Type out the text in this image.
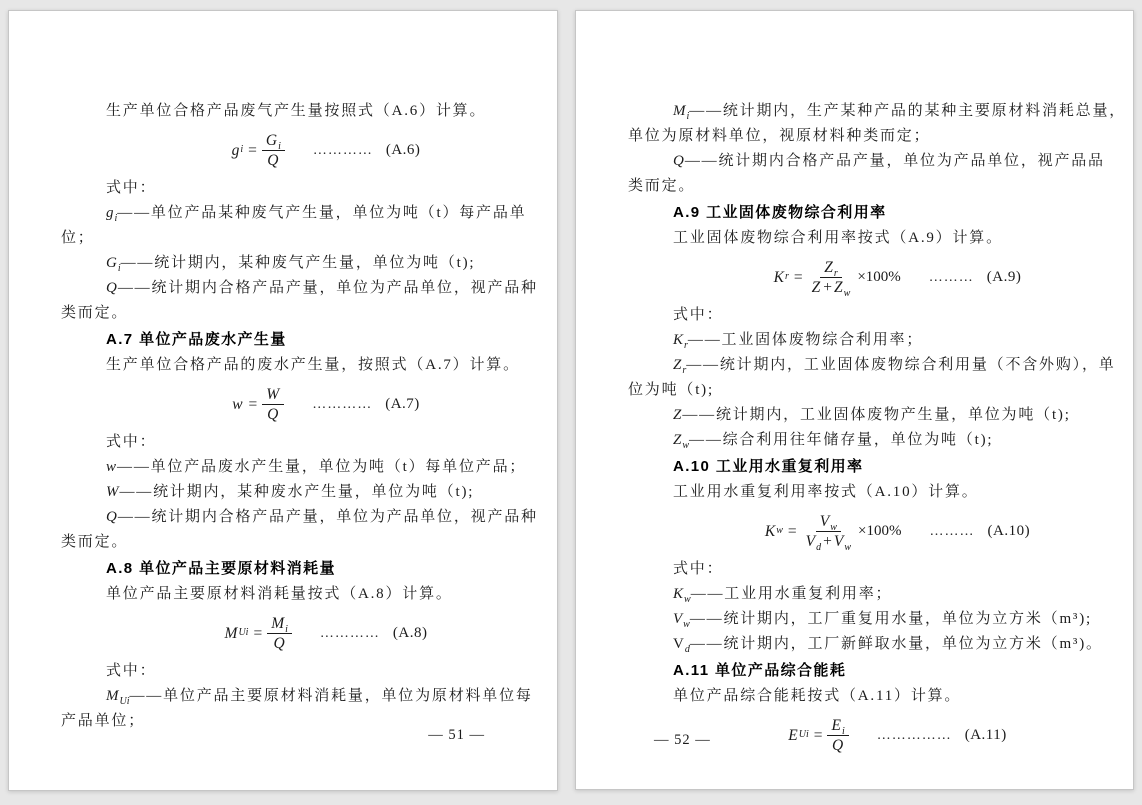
生产单位合格产品废气产生量按照式（A.6）计算。
g $i = \frac{G_i}{Q}$ ………… (A.6)
式中：
$g_i——$单位产品某种废气产生量，单位为吨（t）每产品单
位；
$G_i——$统计期内，某种废气产生量，单位为吨（t);
Q——统计期内合格产品产量，单位为产品单位，视产品种
类而定。
A.7 单位产品废水产生量
生产单位合格产品的废水产生量，按照式（A.7）计算。
$w = \frac{W}{Q}$ ………… (A.7)
式中：
w——单位产品废水产生量，单位为吨（t）每单位产品；
W——统计期内，某种废水产生量，单位为吨（t);
Q——统计期内合格产品产量，单位为产品单位，视产品种
类而定。
A.8 单位产品主要原材料消耗量
单位产品主要原材料消耗量按式（A.8）计算。
M $Ui = \frac{M_i}{Q}$ ………… (A.8)
式中：
$M_{Ui}——$单位产品主要原材料消耗量，单位为原材料单位每
产品单位；
— 51 —
$M_i——$统计期内，生产某种产品的某种主要原材料消耗总量，
单位为原材料单位，视原材料种类而定；
Q——统计期内合格产品产量，单位为产品单位，视产品品
类而定。
A.9 工业固体废物综合利用率
工业固体废物综合利用率按式（A.9）计算。
K $r = \frac{Z_r}{Z + Z_w} \times 100\%$ ……… (A.9)
式中：
$K_r——$工业固体废物综合利用率；
$Z_r——$统计期内，工业固体废物综合利用量（不含外购），单
位为吨（t);
Z——统计期内，工业固体废物产生量，单位为吨（t);
$Z_w——$综合利用往年储存量，单位为吨（t);
A.10 工业用水重复利用率
工业用水重复利用率按式（A.10）计算。
K $w = \frac{V_w}{V_d + V_w} \times 100\%$ ……… (A.10)
式中：
$K_w——$工业用水重复利用率；
$V_w——$统计期内，工厂重复用水量，单位为立方米（m³);
$V_d——$统计期内，工厂新鲜取水量，单位为立方米（m³)。
A.11 单位产品综合能耗
单位产品综合能耗按式（A.11）计算。
E $Ui = \frac{E_i}{Q}$ …………… (A.11)
— 52 —
